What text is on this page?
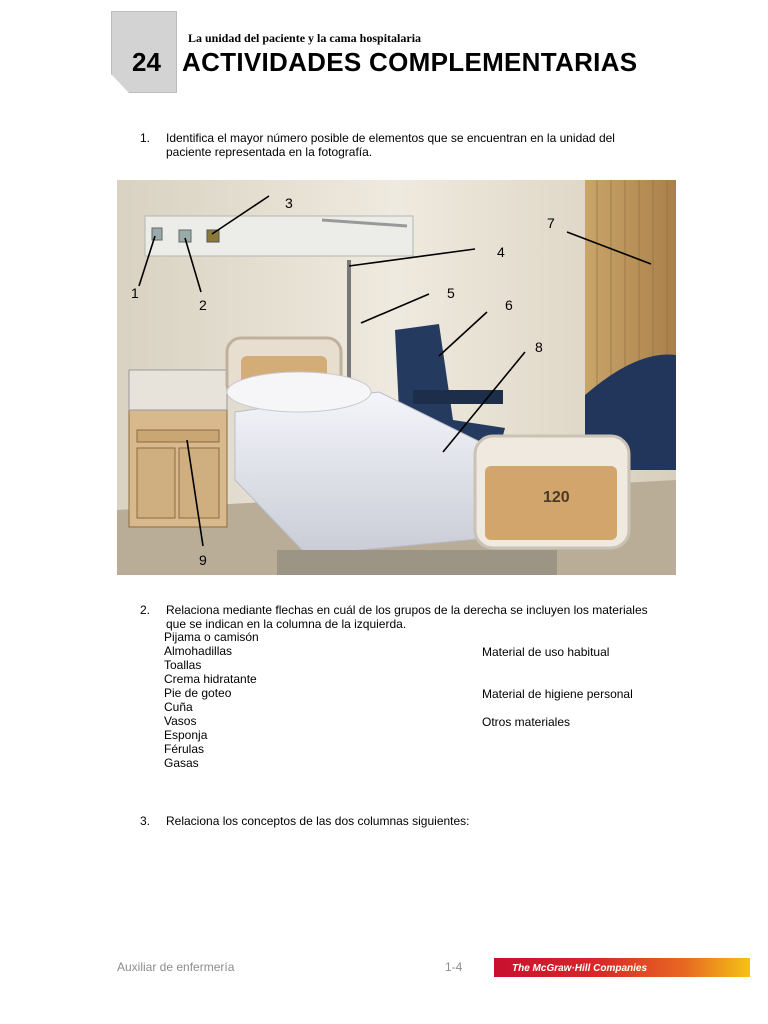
24
La unidad del paciente y la cama hospitalaria
ACTIVIDADES COMPLEMENTARIAS
1. Identifica el mayor número posible de elementos que se encuentran en la unidad del paciente representada en la fotografía.
120
1
2
3
4
5
6
7
8
9
2. Relaciona mediante flechas en cuál de los grupos de la derecha se incluyen los materiales que se indican en la columna de la izquierda.
Pijama o camisón
Almohadillas
Toallas
Crema hidratante
Pie de goteo
Cuña
Vasos
Esponja
Férulas
Gasas
Material de uso habitual
Material de higiene personal
Otros materiales
3. Relaciona los conceptos de las dos columnas siguientes:
Auxiliar de enfermería	1-4	The McGraw·Hill Companies
